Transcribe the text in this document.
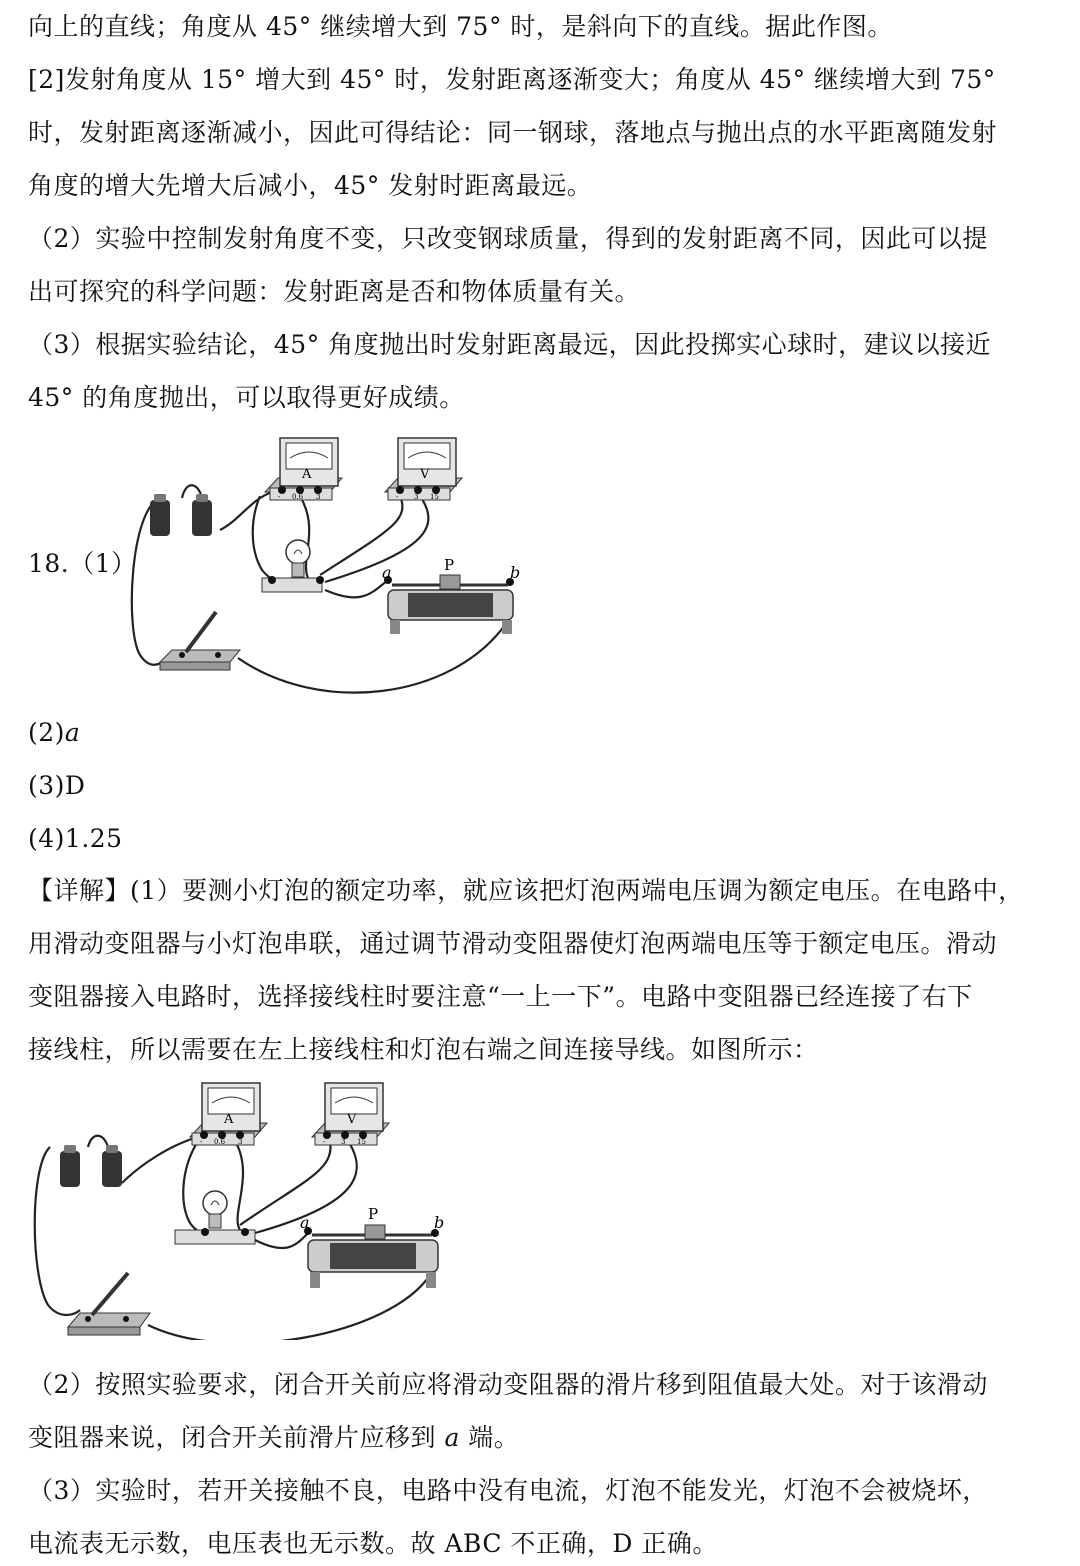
向上的直线；角度从 45° 继续增大到 75° 时，是斜向下的直线。据此作图。
[2]发射角度从 15° 增大到 45° 时，发射距离逐渐变大；角度从 45° 继续增大到 75°
时，发射距离逐渐减小，因此可得结论：同一钢球，落地点与抛出点的水平距离随发射
角度的增大先增大后减小，45° 发射时距离最远。
（2）实验中控制发射角度不变，只改变钢球质量，得到的发射距离不同，因此可以提
出可探究的科学问题：发射距离是否和物体质量有关。
（3）根据实验结论，45° 角度抛出时发射距离最远，因此投掷实心球时，建议以接近
45° 的角度抛出，可以取得更好成绩。
18.（1）
A
- 0.6 3
V
- 3 15
a	b
P
(2)a
(3)D
(4)1.25
【详解】(1）要测小灯泡的额定功率，就应该把灯泡两端电压调为额定电压。在电路中，
用滑动变阻器与小灯泡串联，通过调节滑动变阻器使灯泡两端电压等于额定电压。滑动
变阻器接入电路时，选择接线柱时要注意“一上一下”。电路中变阻器已经连接了右下
接线柱，所以需要在左上接线柱和灯泡右端之间连接导线。如图所示：
A
- 0.6 3
V
- 3 15
a	b
P
（2）按照实验要求，闭合开关前应将滑动变阻器的滑片移到阻值最大处。对于该滑动
变阻器来说，闭合开关前滑片应移到 a 端。
（3）实验时，若开关接触不良，电路中没有电流，灯泡不能发光，灯泡不会被烧坏，
电流表无示数，电压表也无示数。故 ABC 不正确，D 正确。
